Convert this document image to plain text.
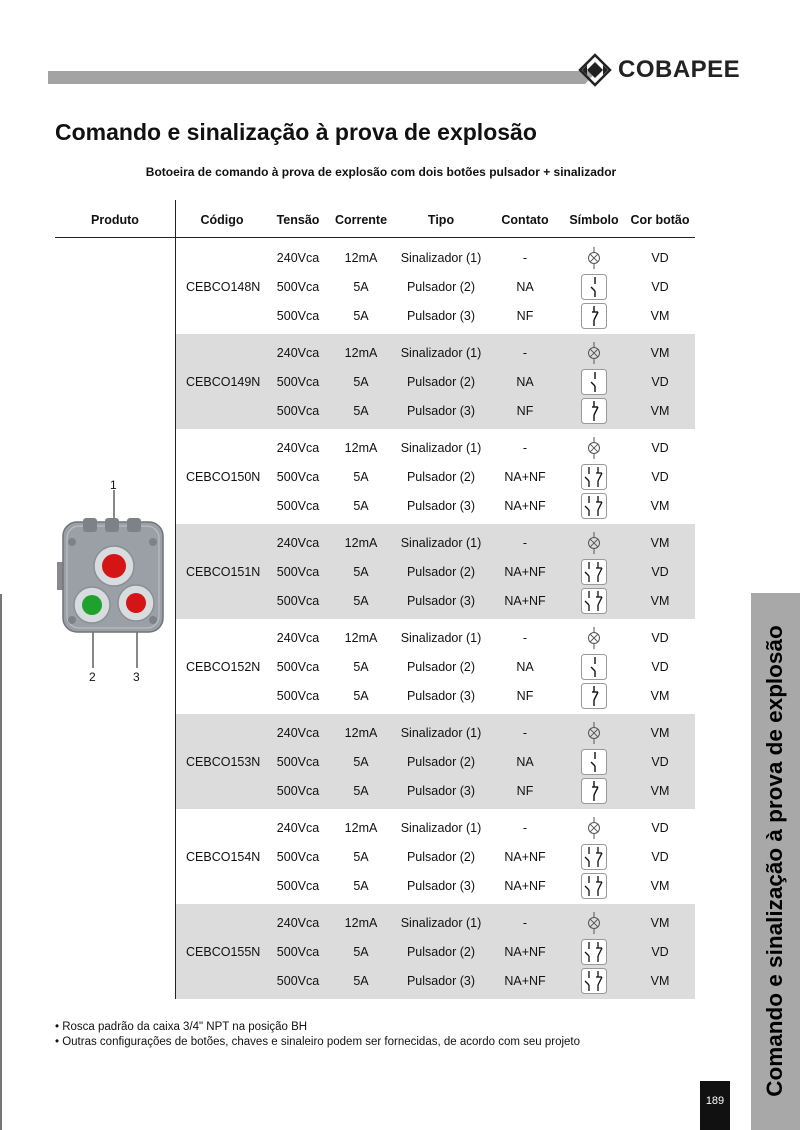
COBAPEE
Comando e sinalização à prova de explosão
Botoeira de comando à prova de explosão com dois botões pulsador + sinalizador
Produto	Código	Tensão Corrente	Tipo	Contato Símbolo Cor botão
CEBCO148N
240Vca 12mA Sinalizador (1)	-	VD
500Vca	5A	Pulsador (2)	NA	VD
500Vca	5A	Pulsador (3)	NF	VM
CEBCO149N
240Vca 12mA Sinalizador (1)	-	VM
500Vca	5A	Pulsador (2)	NA	VD
500Vca	5A	Pulsador (3)	NF	VM
CEBCO150N
240Vca 12mA Sinalizador (1)	-	VD
500Vca	5A	Pulsador (2) NA+NF	VD
500Vca	5A	Pulsador (3) NA+NF	VM
CEBCO151N
240Vca 12mA Sinalizador (1)	-	VM
500Vca	5A	Pulsador (2) NA+NF	VD
500Vca	5A	Pulsador (3) NA+NF	VM
CEBCO152N
240Vca 12mA Sinalizador (1)	-	VD
500Vca	5A	Pulsador (2)	NA	VD
500Vca	5A	Pulsador (3)	NF	VM
CEBCO153N
240Vca 12mA Sinalizador (1)	-	VM
500Vca	5A	Pulsador (2)	NA	VD
500Vca	5A	Pulsador (3)	NF	VM
CEBCO154N
240Vca 12mA Sinalizador (1)	-	VD
500Vca	5A	Pulsador (2) NA+NF	VD
500Vca	5A	Pulsador (3) NA+NF	VM
CEBCO155N
240Vca 12mA Sinalizador (1)	-	VM
500Vca	5A	Pulsador (2) NA+NF	VD
500Vca	5A	Pulsador (3) NA+NF	VM
1
2	3
• Rosca padrão da caixa 3/4" NPT na posição BH
• Outras configurações de botões, chaves e sinaleiro podem ser fornecidas, de acordo com seu projeto	Comando e sinalização à prova de explosão
189
